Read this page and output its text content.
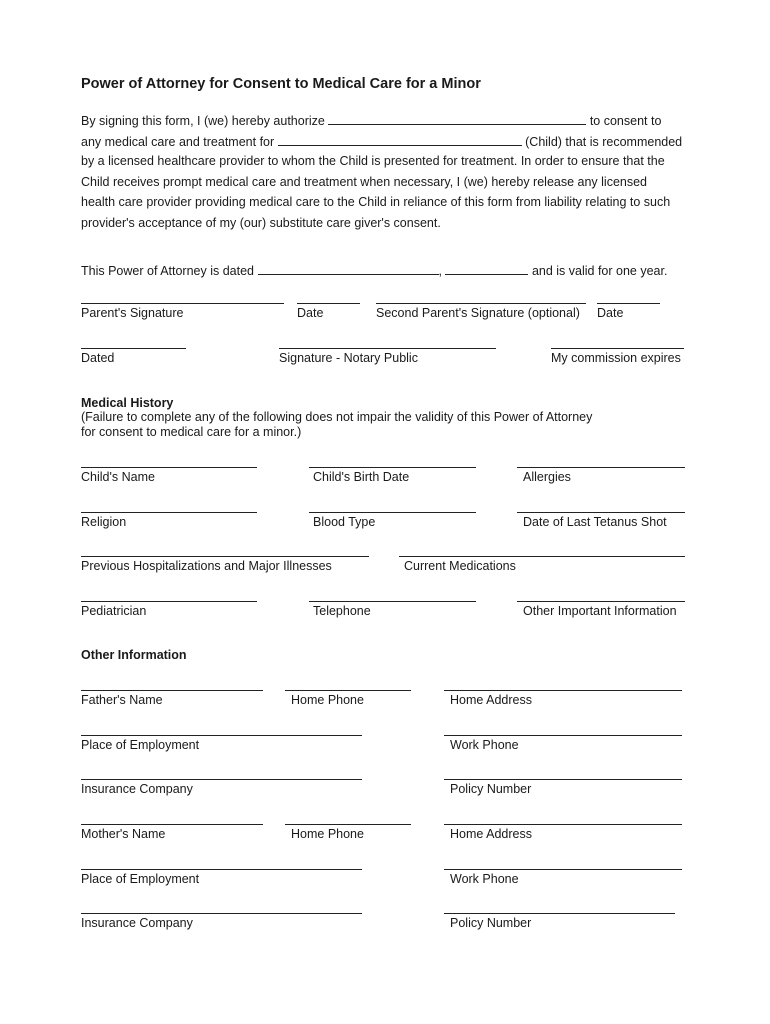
Power of Attorney for Consent to Medical Care for a Minor
By signing this form, I (we) hereby authorize	to consent to
any medical care and treatment for	(Child) that is recommended
by a licensed healthcare provider to whom the Child is presented for treatment. In order to ensure that the
Child receives prompt medical care and treatment when necessary, I (we) hereby release any licensed
health care provider providing medical care to the Child in reliance of this form from liability relating to such
provider's acceptance of my (our) substitute care giver's consent.
This Power of Attorney is dated	,	and is valid for one year.
Parent's Signature	Date	Second Parent's Signature (optional) Date
Dated	Signature - Notary Public	My commission expires
Medical History
(Failure to complete any of the following does not impair the validity of this Power of Attorney
for consent to medical care for a minor.)
Child's Name	Child's Birth Date	Allergies
Religion	Blood Type	Date of Last Tetanus Shot
Previous Hospitalizations and Major Illnesses	Current Medications
Pediatrician	Telephone	Other Important Information
Other Information
Father's Name	Home Phone	Home Address
Place of Employment	Work Phone
Insurance Company	Policy Number
Mother's Name	Home Phone	Home Address
Place of Employment	Work Phone
Insurance Company	Policy Number
